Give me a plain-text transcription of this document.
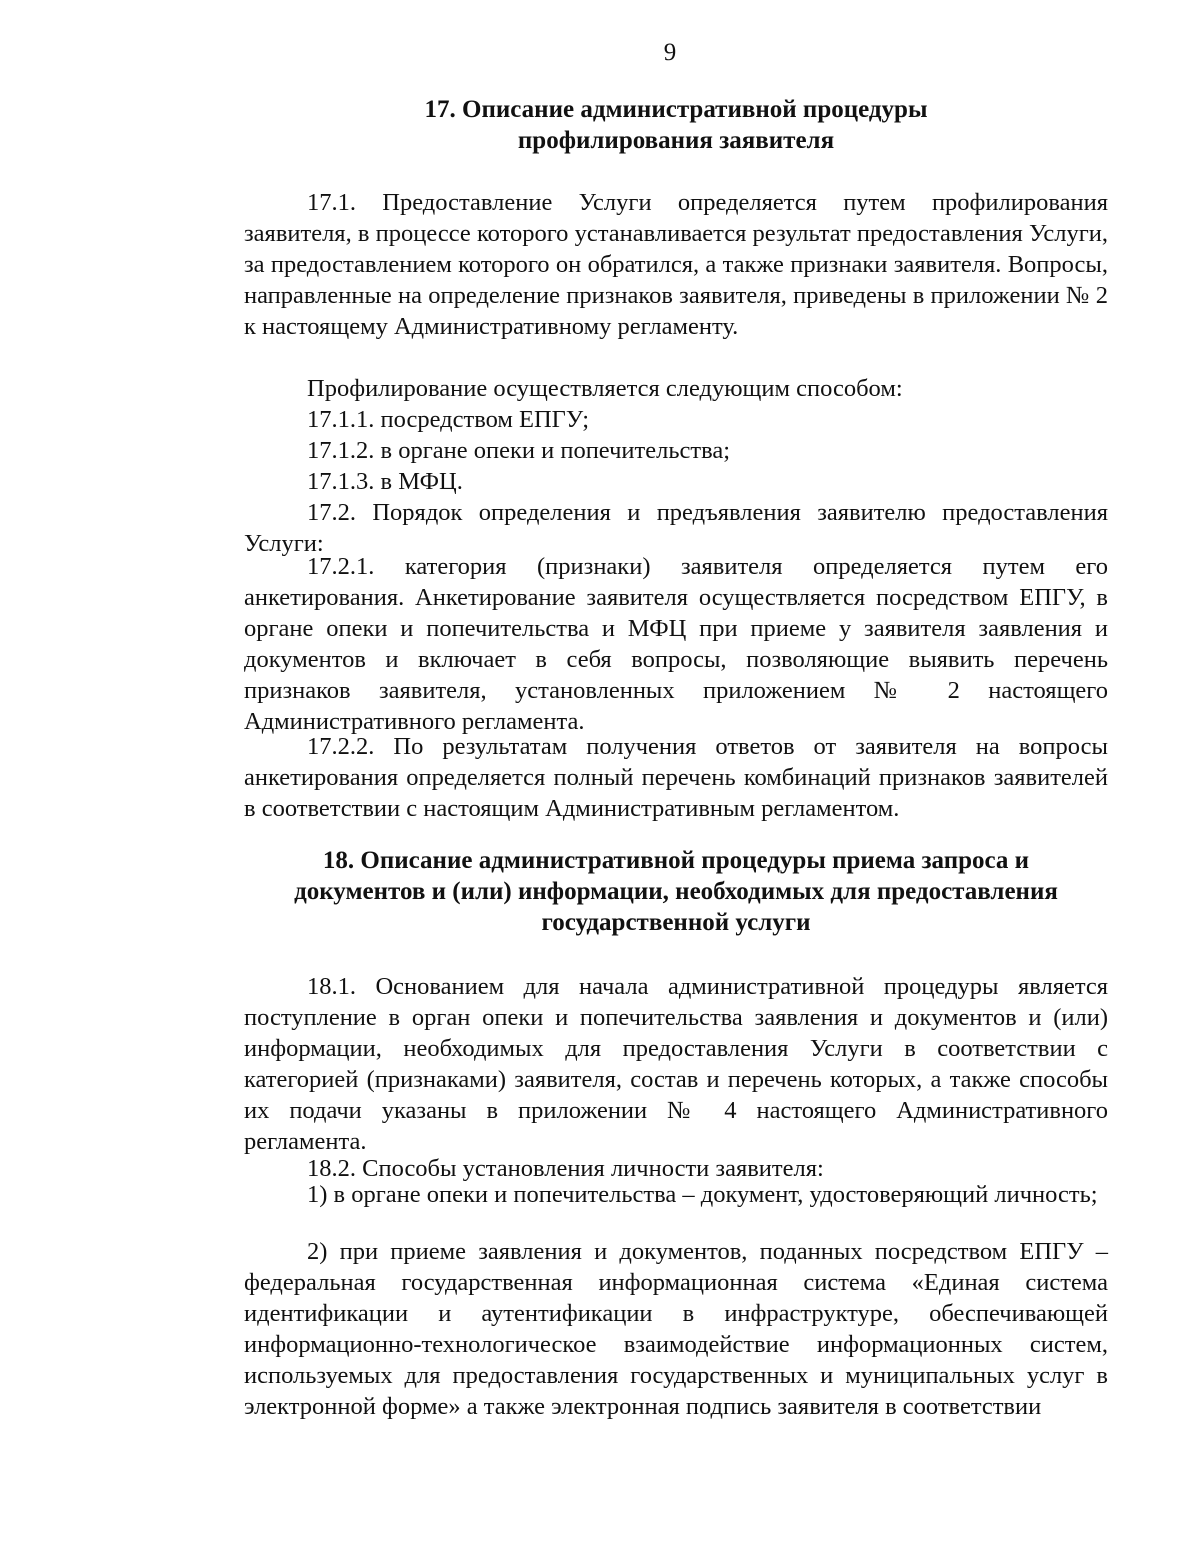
9
17. Описание административной процедуры
профилирования заявителя

17.1. Предоставление Услуги определяется путем профилирования заявителя, в процессе которого устанавливается результат предоставления Услуги, за предоставлением которого он обратился, а также признаки заявителя. Вопросы, направленные на определение признаков заявителя, приведены в приложении № 2 к настоящему Административному регламенту.

Профилирование осуществляется следующим способом:

17.1.1. посредством ЕПГУ;

17.1.2. в органе опеки и попечительства;

17.1.3. в МФЦ.

17.2. Порядок определения и предъявления заявителю предоставления Услуги:

17.2.1. категория (признаки) заявителя определяется путем его анкетирования. Анкетирование заявителя осуществляется посредством ЕПГУ, в органе опеки и попечительства и МФЦ при приеме у заявителя заявления и документов и включает в себя вопросы, позволяющие выявить перечень признаков заявителя, установленных приложением № 2 настоящего Административного регламента.

17.2.2. По результатам получения ответов от заявителя на вопросы анкетирования определяется полный перечень комбинаций признаков заявителей в соответствии с настоящим Административным регламентом.

18. Описание административной процедуры приема запроса и
документов и (или) информации, необходимых для предоставления
государственной услуги

18.1. Основанием для начала административной процедуры является поступление в орган опеки и попечительства заявления и документов и (или) информации, необходимых для предоставления Услуги в соответствии с категорией (признаками) заявителя, состав и перечень которых, а также способы их подачи указаны в приложении № 4 настоящего Административного регламента.

18.2. Способы установления личности заявителя:

1) в органе опеки и попечительства – документ, удостоверяющий личность;

2) при приеме заявления и документов, поданных посредством ЕПГУ – федеральная государственная информационная система «Единая система идентификации и аутентификации в инфраструктуре, обеспечивающей информационно-технологическое взаимодействие информационных систем, используемых для предоставления государственных и муниципальных услуг в электронной форме» а также электронная подпись заявителя в соответствии
